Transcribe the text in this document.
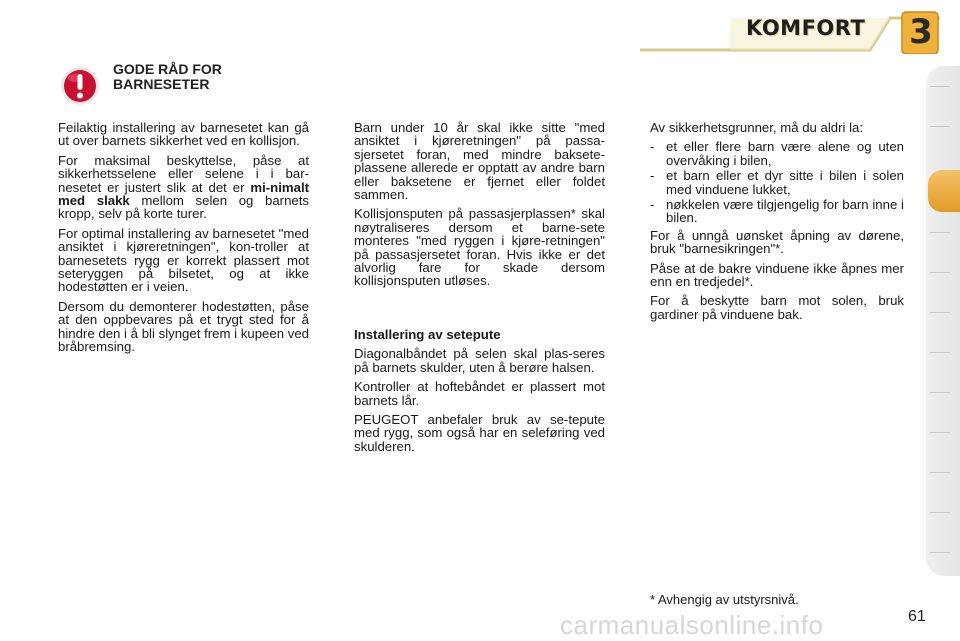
KOMFORT 3
GODE RÅD FOR
BARNESETER

Feilaktig installering av barnesetet kan gå ut over barnets sikkerhet ved en kollisjon.

For maksimal beskyttelse, påse at sikkerhetsselene eller selene i i bar-nesetet er justert slik at det er mi-nimalt med slakk mellom selen og barnets kropp, selv på korte turer.

For optimal installering av barnesetet "med ansiktet i kjøreretningen", kon-troller at barnesetets rygg er korrekt plassert mot seteryggen på bilsetet, og at ikke hodestøtten er i veien.

Dersom du demonterer hodestøtten, påse at den oppbevares på et trygt sted for å hindre den i å bli slynget frem i kupeen ved bråbremsing.

Barn under 10 år skal ikke sitte "med ansiktet i kjøreretningen" på passa-sjersetet foran, med mindre baksete-plassene allerede er opptatt av andre barn eller baksetene er fjernet eller foldet sammen.

Kollisjonsputen på passasjerplassen* skal nøytraliseres dersom et barne-sete monteres "med ryggen i kjøre-retningen" på passasjersetet foran. Hvis ikke er det alvorlig fare for skade dersom kollisjonsputen utløses.

Installering av setepute

Diagonalbåndet på selen skal plas-seres på barnets skulder, uten å berøre halsen.

Kontroller at hoftebåndet er plassert mot barnets lår.

PEUGEOT anbefaler bruk av se-tepute med rygg, som også har en seleføring ved skulderen.

Av sikkerhetsgrunner, må du aldri la:

- et eller flere barn være alene og uten overvåking i bilen,
- et barn eller et dyr sitte i bilen i solen med vinduene lukket,
- nøkkelen være tilgjengelig for barn inne i bilen.

For å unngå uønsket åpning av dørene, bruk "barnesikringen"*.

Påse at de bakre vinduene ikke åpnes mer enn en tredjedel*.

For å beskytte barn mot solen, bruk gardiner på vinduene bak.

carmanualsonline.info
* Avhengig av utstyrsnivå.
61
